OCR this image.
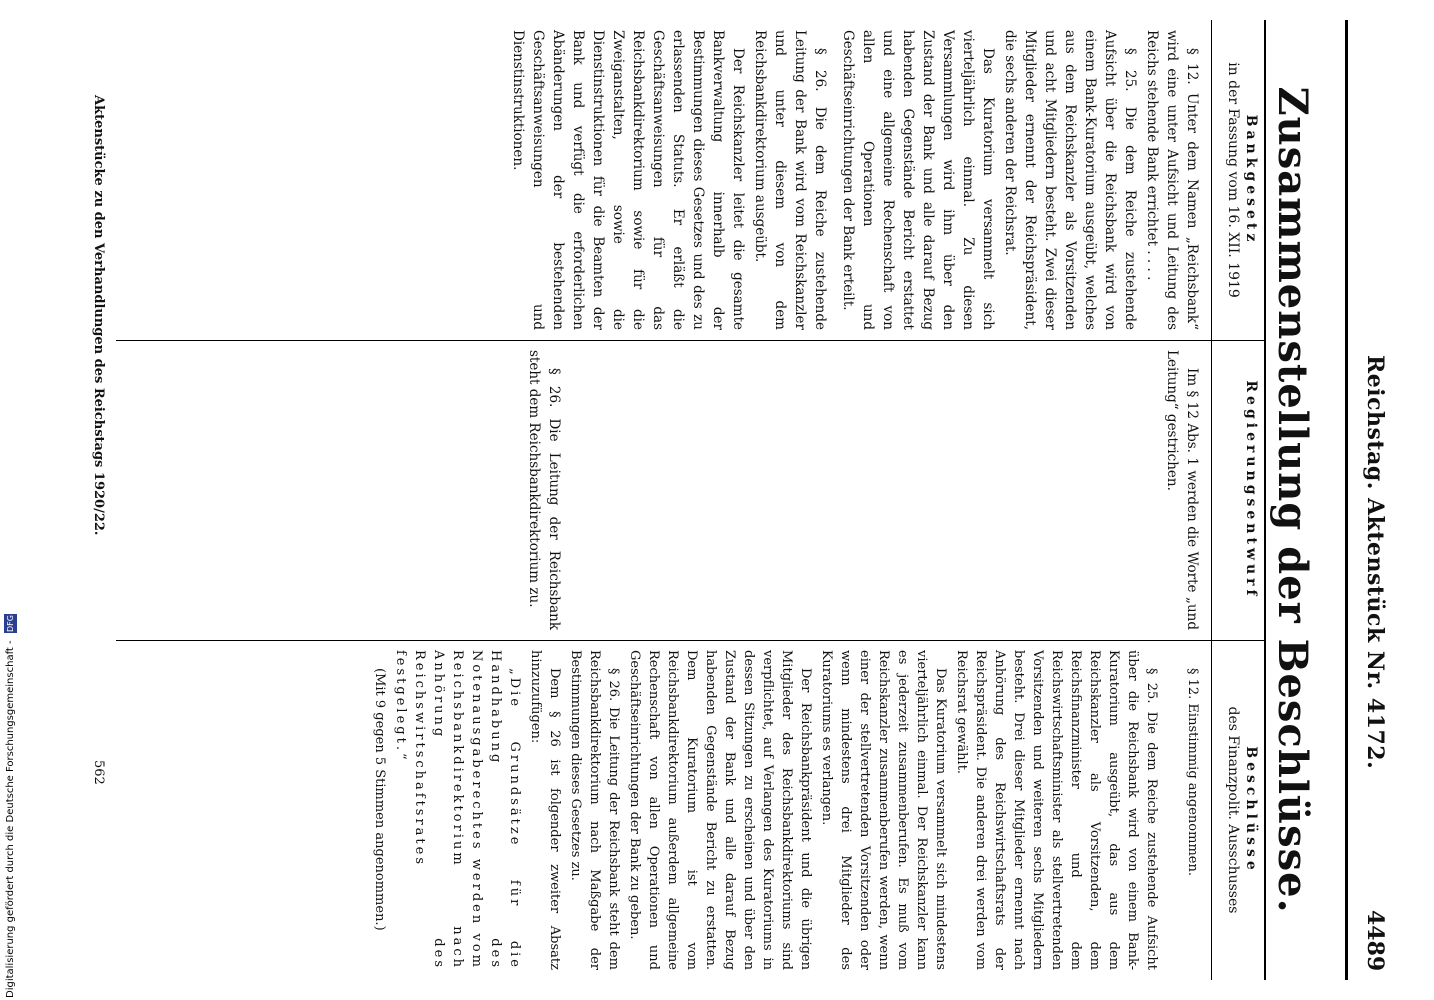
Reichstag. Aktenstück Nr. 4172.
4489
Zusammenstellung der Beschlüsse.
Bankgesetz
in der Fassung vom 16. XII. 1919
Regierungsentwurf
Beschlüsse
des Finanzpolit. Ausschusses

§ 12. Unter dem Namen „Reichsbank“ wird eine unter Aufsicht und Leitung des Reichs stehende Bank errichtet . . . .

§ 25. Die dem Reiche zustehende Aufsicht über die Reichsbank wird von einem Bank-Kuratorium ausgeübt, welches aus dem Reichskanzler als Vorsitzenden und acht Mitgliedern besteht. Zwei dieser Mitglieder ernennt der Reichspräsident, die sechs anderen der Reichsrat.

Das Kuratorium versammelt sich vierteljährlich einmal. Zu diesen Versammlungen wird ihm über den Zustand der Bank und alle darauf Bezug habenden Gegenstände Bericht erstattet und eine allgemeine Rechenschaft von allen Operationen und Geschäftseinrichtungen der Bank erteilt.

§ 26. Die dem Reiche zustehende Leitung der Bank wird vom Reichskanzler und unter diesem von dem Reichsbankdirektorium ausgeübt.

Der Reichskanzler leitet die gesamte Bankverwaltung innerhalb der Bestimmungen dieses Gesetzes und des zu erlassenden Statuts. Er erläßt die Geschäftsanweisungen für das Reichsbankdirektorium sowie für die Zweiganstalten, sowie die Dienstinstruktionen für die Beamten der Bank und verfügt die erforderlichen Abänderungen der bestehenden Geschäftsanweisungen und Dienstinstruktionen.

Im § 12 Abs. 1 werden die Worte „und Leitung“ gestrichen.

§ 26. Die Leitung der Reichsbank steht dem Reichsbankdirektorium zu.

§ 12. Einstimmig angenommen.

§ 25. Die dem Reiche zustehende Aufsicht über die Reichsbank wird von einem Bank-Kuratorium ausgeübt, das aus dem Reichskanzler als Vorsitzenden, dem Reichsfinanzminister und dem Reichswirtschaftsminister als stellvertretenden Vorsitzenden und weiteren sechs Mitgliedern besteht. Drei dieser Mitglieder ernennt nach Anhörung des Reichswirtschaftsrats der Reichspräsident. Die anderen drei werden vom Reichsrat gewählt.

Das Kuratorium versammelt sich mindestens vierteljährlich einmal. Der Reichskanzler kann es jederzeit zusammenberufen. Es muß vom Reichskanzler zusammenberufen werden, wenn einer der stellvertretenden Vorsitzenden oder wenn mindestens drei Mitglieder des Kuratoriums es verlangen.

Der Reichsbankpräsident und die übrigen Mitglieder des Reichsbankdirektoriums sind verpflichtet, auf Verlangen des Kuratoriums in dessen Sitzungen zu erscheinen und über den Zustand der Bank und alle darauf Bezug habenden Gegenstände Bericht zu erstatten. Dem Kuratorium ist vom Reichsbankdirektorium außerdem allgemeine Rechenschaft von allen Operationen und Geschäftseinrichtungen der Bank zu geben.

§ 26. Die Leitung der Reichsbank steht dem Reichsbankdirektorium nach Maßgabe der Bestimmungen dieses Gesetzes zu.

Dem § 26 ist folgender zweiter Absatz hinzuzufügen:

„Die Grundsätze für die Handhabung des Notenausgaberechtes werden vom Reichsbankdirektorium nach Anhörung des Reichswirtschaftsrates festgelegt.“

(Mit 9 gegen 5 Stimmen angenommen.)

Aktenstücke zu den Verhandlungen des Reichstags 1920/22.
562
Digitalisierung gefördert durch die Deutsche Forschungsgemeinschaft - DFG
